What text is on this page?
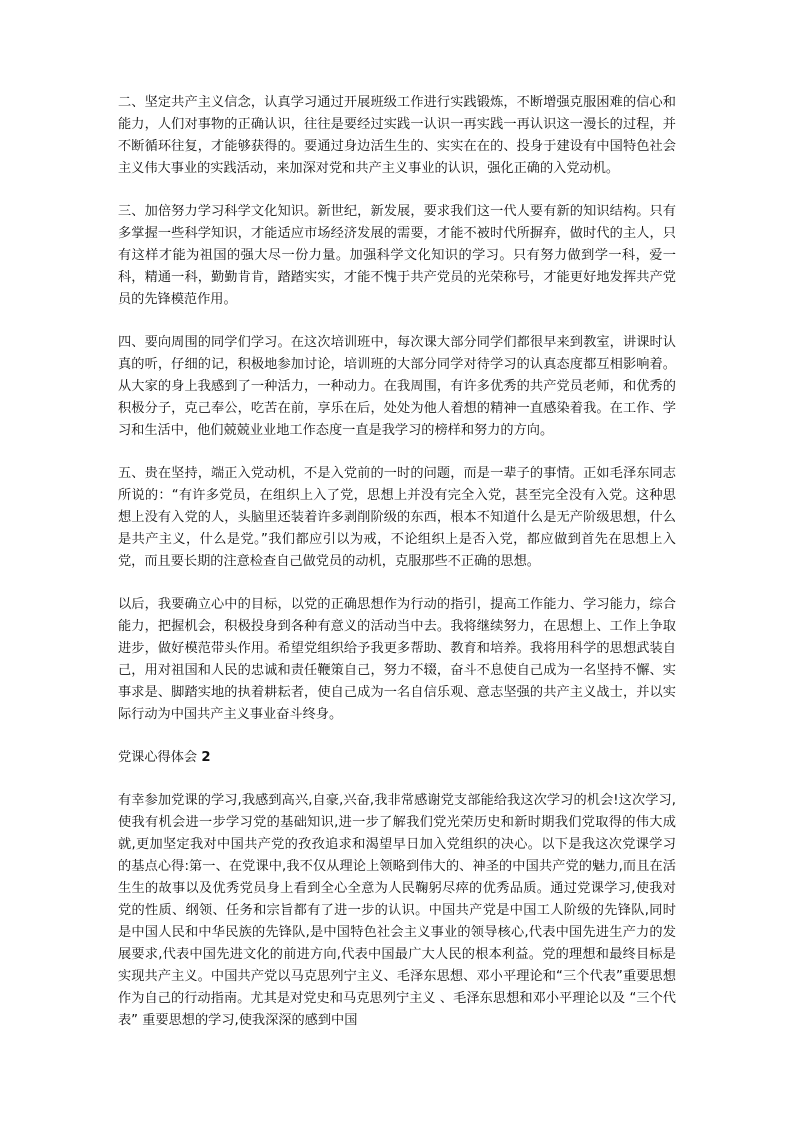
二、坚定共产主义信念，认真学习通过开展班级工作进行实践锻炼，不断增强克服困难的信心和能力，人们对事物的正确认识，往往是要经过实践一认识一再实践一再认识这一漫长的过程，并不断循环往复，才能够获得的。要通过身边活生生的、实实在在的、投身于建设有中国特色社会主义伟大事业的实践活动，来加深对党和共产主义事业的认识，强化正确的入党动机。

三、加倍努力学习科学文化知识。新世纪，新发展，要求我们这一代人要有新的知识结构。只有多掌握一些科学知识，才能适应市场经济发展的需要，才能不被时代所摒弃，做时代的主人，只有这样才能为祖国的强大尽一份力量。加强科学文化知识的学习。只有努力做到学一科，爱一科，精通一科，勤勤肯肯，踏踏实实，才能不愧于共产党员的光荣称号，才能更好地发挥共产党员的先锋模范作用。

四、要向周围的同学们学习。在这次培训班中，每次课大部分同学们都很早来到教室，讲课时认真的听，仔细的记，积极地参加讨论，培训班的大部分同学对待学习的认真态度都互相影响着。从大家的身上我感到了一种活力，一种动力。在我周围，有许多优秀的共产党员老师，和优秀的积极分子，克己奉公，吃苦在前，享乐在后，处处为他人着想的精神一直感染着我。在工作、学习和生活中，他们兢兢业业地工作态度一直是我学习的榜样和努力的方向。

五、贵在坚持，端正入党动机，不是入党前的一时的问题，而是一辈子的事情。正如毛泽东同志所说的：“有许多党员，在组织上入了党，思想上并没有完全入党，甚至完全没有入党。这种思想上没有入党的人，头脑里还装着许多剥削阶级的东西，根本不知道什么是无产阶级思想，什么是共产主义，什么是党。”我们都应引以为戒，不论组织上是否入党，都应做到首先在思想上入党，而且要长期的注意检查自己做党员的动机，克服那些不正确的思想。

以后，我要确立心中的目标，以党的正确思想作为行动的指引，提高工作能力、学习能力，综合能力，把握机会，积极投身到各种有意义的活动当中去。我将继续努力，在思想上、工作上争取进步，做好模范带头作用。希望党组织给予我更多帮助、教育和培养。我将用科学的思想武装自己，用对祖国和人民的忠诚和责任鞭策自己，努力不辍，奋斗不息使自己成为一名坚持不懈、实事求是、脚踏实地的执着耕耘者，使自己成为一名自信乐观、意志坚强的共产主义战士，并以实际行动为中国共产主义事业奋斗终身。

党课心得体会 2

有幸参加党课的学习,我感到高兴,自豪,兴奋,我非常感谢党支部能给我这次学习的机会!这次学习,使我有机会进一步学习党的基础知识,进一步了解我们党光荣历史和新时期我们党取得的伟大成就,更加坚定我对中国共产党的孜孜追求和渴望早日加入党组织的决心。以下是我这次党课学习的基点心得:第一、在党课中,我不仅从理论上领略到伟大的、神圣的中国共产党的魅力,而且在活生生的故事以及优秀党员身上看到全心全意为人民鞠躬尽瘁的优秀品质。通过党课学习,使我对党的性质、纲领、任务和宗旨都有了进一步的认识。中国共产党是中国工人阶级的先锋队,同时是中国人民和中华民族的先锋队,是中国特色社会主义事业的领导核心,代表中国先进生产力的发展要求,代表中国先进文化的前进方向,代表中国最广大人民的根本利益。党的理想和最终目标是实现共产主义。中国共产党以马克思列宁主义、毛泽东思想、邓小平理论和“三个代表”重要思想作为自己的行动指南。尤其是对党史和马克思列宁主义 、毛泽东思想和邓小平理论以及 “三个代表” 重要思想的学习,使我深深的感到中国
